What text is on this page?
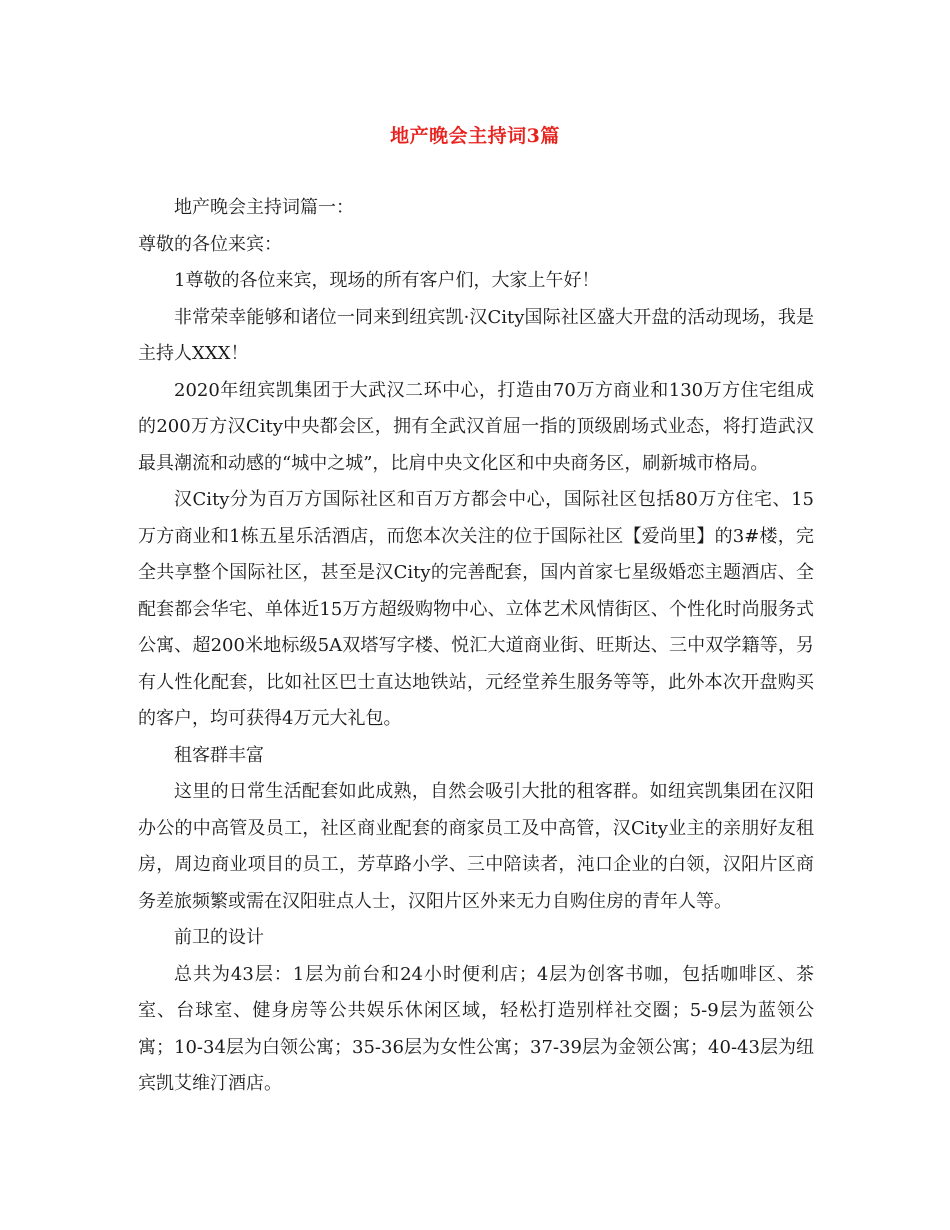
地产晚会主持词3篇

地产晚会主持词篇一：

尊敬的各位来宾：

1尊敬的各位来宾，现场的所有客户们，大家上午好！

非常荣幸能够和诸位一同来到纽宾凯·汉City国际社区盛大开盘的活动现场，我是主持人XXX！

2020年纽宾凯集团于大武汉二环中心，打造由70万方商业和130万方住宅组成的200万方汉City中央都会区，拥有全武汉首屈一指的顶级剧场式业态，将打造武汉最具潮流和动感的“城中之城”，比肩中央文化区和中央商务区，刷新城市格局。

汉City分为百万方国际社区和百万方都会中心，国际社区包括80万方住宅、15万方商业和1栋五星乐活酒店，而您本次关注的位于国际社区【爱尚里】的3#楼，完全共享整个国际社区，甚至是汉City的完善配套，国内首家七星级婚恋主题酒店、全配套都会华宅、单体近15万方超级购物中心、立体艺术风情街区、个性化时尚服务式公寓、超200米地标级5A双塔写字楼、悦汇大道商业街、旺斯达、三中双学籍等，另有人性化配套，比如社区巴士直达地铁站，元经堂养生服务等等，此外本次开盘购买的客户，均可获得4万元大礼包。

租客群丰富

这里的日常生活配套如此成熟，自然会吸引大批的租客群。如纽宾凯集团在汉阳办公的中高管及员工，社区商业配套的商家员工及中高管，汉City业主的亲朋好友租房，周边商业项目的员工，芳草路小学、三中陪读者，沌口企业的白领，汉阳片区商务差旅频繁或需在汉阳驻点人士，汉阳片区外来无力自购住房的青年人等。

前卫的设计

总共为43层：1层为前台和24小时便利店；4层为创客书咖，包括咖啡区、茶室、台球室、健身房等公共娱乐休闲区域，轻松打造别样社交圈；5-9层为蓝领公寓；10-34层为白领公寓；35-36层为女性公寓；37-39层为金领公寓；40-43层为纽宾凯艾维汀酒店。
